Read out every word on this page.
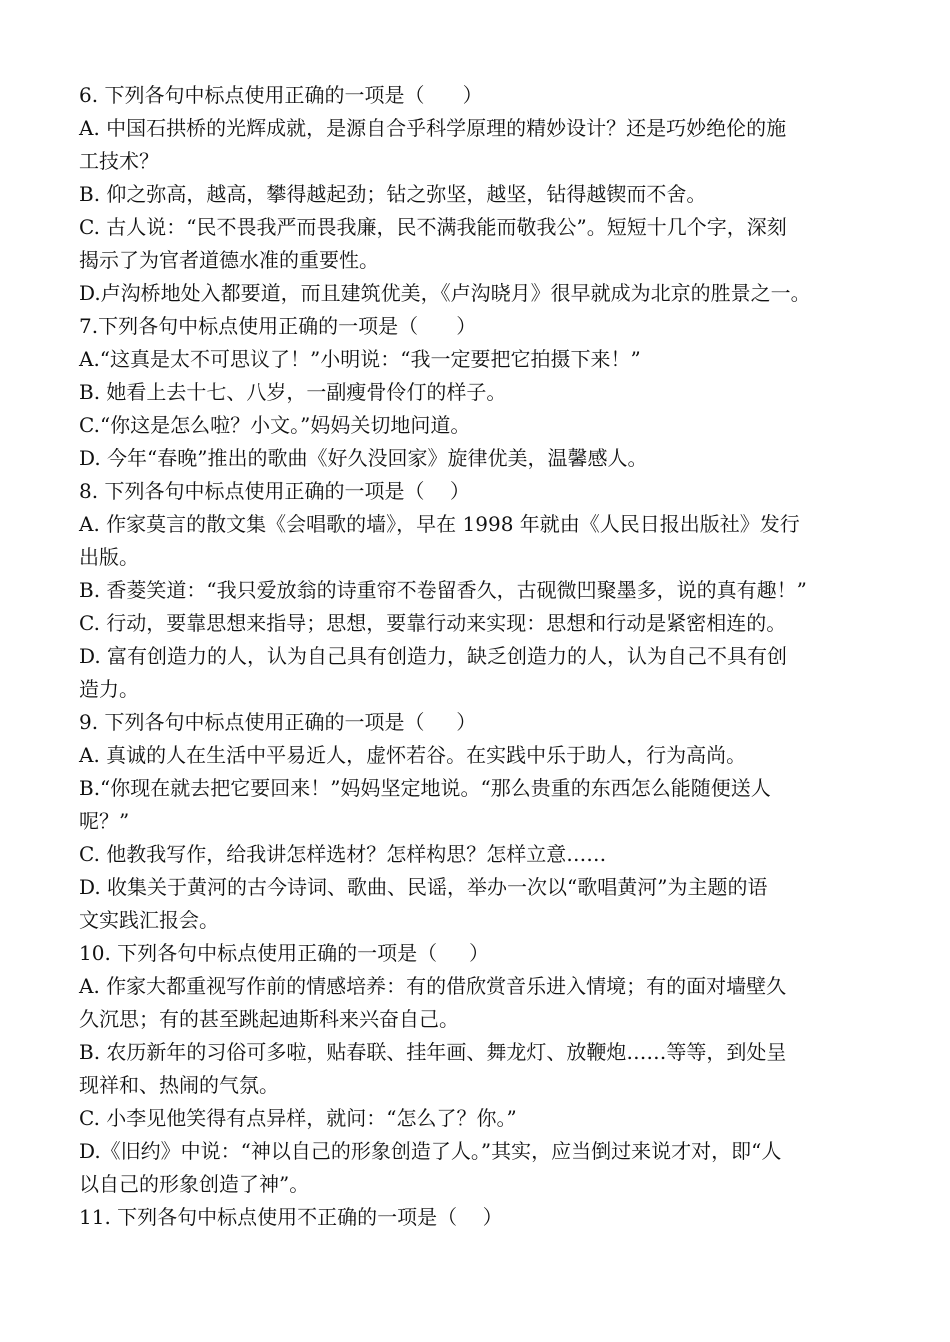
6. 下列各句中标点使用正确的一项是（      ）
A. 中国石拱桥的光辉成就，是源自合乎科学原理的精妙设计？还是巧妙绝伦的施
工技术？
B. 仰之弥高，越高，攀得越起劲；钻之弥坚，越坚，钻得越锲而不舍。
C. 古人说：“民不畏我严而畏我廉，民不满我能而敬我公”。短短十几个字，深刻
揭示了为官者道德水准的重要性。
D.卢沟桥地处入都要道，而且建筑优美，《卢沟晓月》很早就成为北京的胜景之一。
7.下列各句中标点使用正确的一项是（      ）
A.“这真是太不可思议了！”小明说：“我一定要把它拍摄下来！”
B. 她看上去十七、八岁，一副瘦骨伶仃的样子。
C.“你这是怎么啦？小文。”妈妈关切地问道。
D. 今年“春晚”推出的歌曲《好久没回家》旋律优美，温馨感人。
8. 下列各句中标点使用正确的一项是（    ）
A. 作家莫言的散文集《会唱歌的墙》，早在 1998 年就由《人民日报出版社》发行
出版。
B. 香菱笑道：“我只爱放翁的诗重帘不卷留香久，古砚微凹聚墨多，说的真有趣！”
C. 行动，要靠思想来指导；思想，要靠行动来实现：思想和行动是紧密相连的。
D. 富有创造力的人，认为自己具有创造力，缺乏创造力的人，认为自己不具有创
造力。
9. 下列各句中标点使用正确的一项是（     ）
A. 真诚的人在生活中平易近人，虚怀若谷。在实践中乐于助人，行为高尚。
B.“你现在就去把它要回来！”妈妈坚定地说。“那么贵重的东西怎么能随便送人
呢？”
C. 他教我写作，给我讲怎样选材？怎样构思？怎样立意……
D. 收集关于黄河的古今诗词、歌曲、民谣，举办一次以“歌唱黄河”为主题的语
文实践汇报会。
10. 下列各句中标点使用正确的一项是（     ）
A. 作家大都重视写作前的情感培养：有的借欣赏音乐进入情境；有的面对墙壁久
久沉思；有的甚至跳起迪斯科来兴奋自己。
B. 农历新年的习俗可多啦，贴春联、挂年画、舞龙灯、放鞭炮……等等，到处呈
现祥和、热闹的气氛。
C. 小李见他笑得有点异样，就问：“怎么了？你。”
D.《旧约》中说：“神以自己的形象创造了人。”其实，应当倒过来说才对，即“人
以自己的形象创造了神”。
11. 下列各句中标点使用不正确的一项是（    ）
